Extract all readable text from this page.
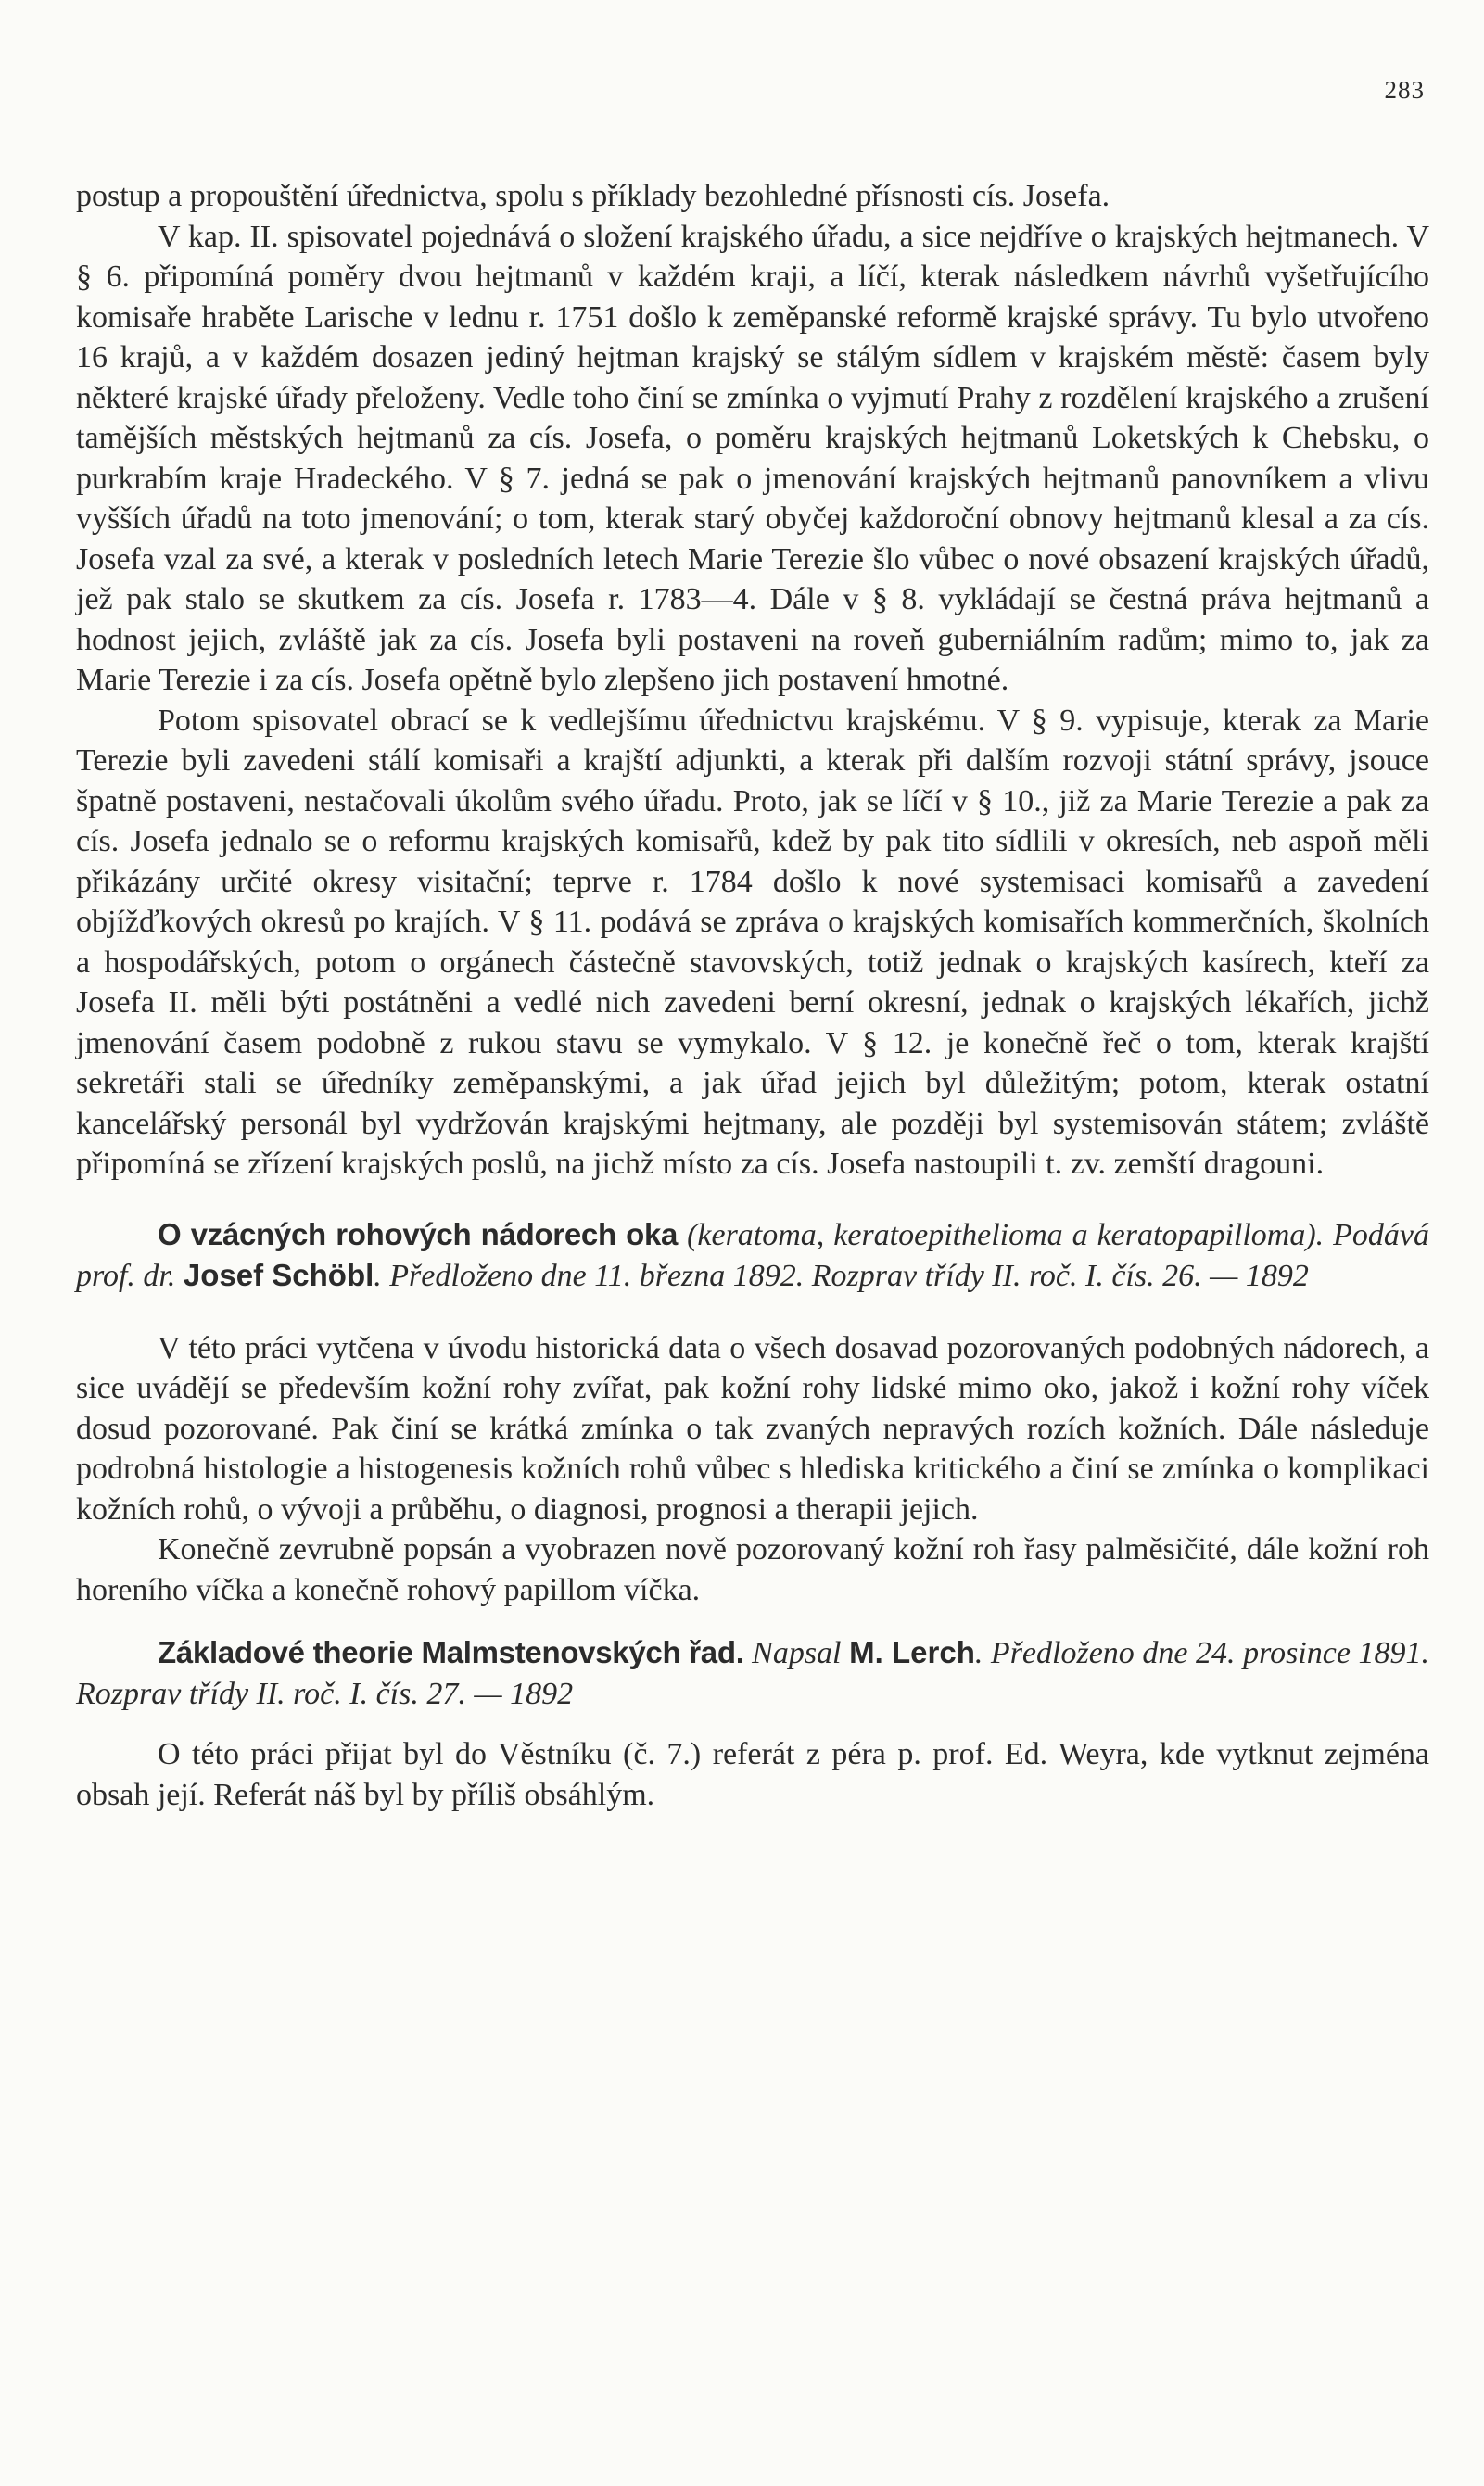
283

postup a propouštění úřednictva, spolu s příklady bezohledné přísnosti cís. Josefa.

V kap. II. spisovatel pojednává o složení krajského úřadu, a sice nejdříve o krajských hejtmanech. V § 6. připomíná poměry dvou hejtmanů v každém kraji, a líčí, kterak následkem návrhů vyšetřujícího komisaře hraběte Larische v lednu r. 1751 došlo k zeměpanské reformě krajské správy. Tu bylo utvořeno 16 krajů, a v každém dosazen jediný hejtman krajský se stálým sídlem v krajském městě: časem byly některé krajské úřady přeloženy. Vedle toho činí se zmínka o vyjmutí Prahy z rozdělení krajského a zrušení tamějších městských hejtmanů za cís. Josefa, o poměru krajských hejtmanů Loketských k Chebsku, o purkrabím kraje Hradeckého. V § 7. jedná se pak o jmenování krajských hejtmanů panovníkem a vlivu vyšších úřadů na toto jmenování; o tom, kterak starý obyčej každoroční obnovy hejtmanů klesal a za cís. Josefa vzal za své, a kterak v posledních letech Marie Terezie šlo vůbec o nové obsazení krajských úřadů, jež pak stalo se skutkem za cís. Josefa r. 1783—4. Dále v § 8. vykládají se čestná práva hejtmanů a hodnost jejich, zvláště jak za cís. Josefa byli postaveni na roveň guberniálním radům; mimo to, jak za Marie Terezie i za cís. Josefa opětně bylo zlepšeno jich postavení hmotné.

Potom spisovatel obrací se k vedlejšímu úřednictvu krajskému. V § 9. vypisuje, kterak za Marie Terezie byli zavedeni stálí komisaři a krajští adjunkti, a kterak při dalším rozvoji státní správy, jsouce špatně postaveni, nestačovali úkolům svého úřadu. Proto, jak se líčí v § 10., již za Marie Terezie a pak za cís. Josefa jednalo se o reformu krajských komisařů, kdež by pak tito sídlili v okresích, neb aspoň měli přikázány určité okresy visitační; teprve r. 1784 došlo k nové systemisaci komisařů a zavedení objížďkových okresů po krajích. V § 11. podává se zpráva o krajských komisařích kommerčních, školních a hospodářských, potom o orgánech částečně stavovských, totiž jednak o krajských kasírech, kteří za Josefa II. měli býti postátněni a vedlé nich zavedeni berní okresní, jednak o krajských lékařích, jichž jmenování časem podobně z rukou stavu se vymykalo. V § 12. je konečně řeč o tom, kterak krajští sekretáři stali se úředníky zeměpanskými, a jak úřad jejich byl důležitým; potom, kterak ostatní kancelářský personál byl vydržován krajskými hejtmany, ale později byl systemisován státem; zvláště připomíná se zřízení krajských poslů, na jichž místo za cís. Josefa nastoupili t. zv. zemští dragouni.

O vzácných rohových nádorech oka (keratoma, keratoepithelioma a keratopapilloma). Podává prof. dr. Josef Schöbl. Předloženo dne 11. března 1892. Rozprav třídy II. roč. I. čís. 26. — 1892

V této práci vytčena v úvodu historická data o všech dosavad pozorovaných podobných nádorech, a sice uvádějí se především kožní rohy zvířat, pak kožní rohy lidské mimo oko, jakož i kožní rohy víček dosud pozorované. Pak činí se krátká zmínka o tak zvaných nepravých rozích kožních. Dále následuje podrobná histologie a histogenesis kožních rohů vůbec s hlediska kritického a činí se zmínka o komplikaci kožních rohů, o vývoji a průběhu, o diagnosi, prognosi a therapii jejich.

Konečně zevrubně popsán a vyobrazen nově pozorovaný kožní roh řasy palměsičité, dále kožní roh horeního víčka a konečně rohový papillom víčka.

Základové theorie Malmstenovských řad. Napsal M. Lerch. Předloženo dne 24. prosince 1891. Rozprav třídy II. roč. I. čís. 27. — 1892

O této práci přijat byl do Věstníku (č. 7.) referát z péra p. prof. Ed. Weyra, kde vytknut zejména obsah její. Referát náš byl by příliš obsáhlým.
